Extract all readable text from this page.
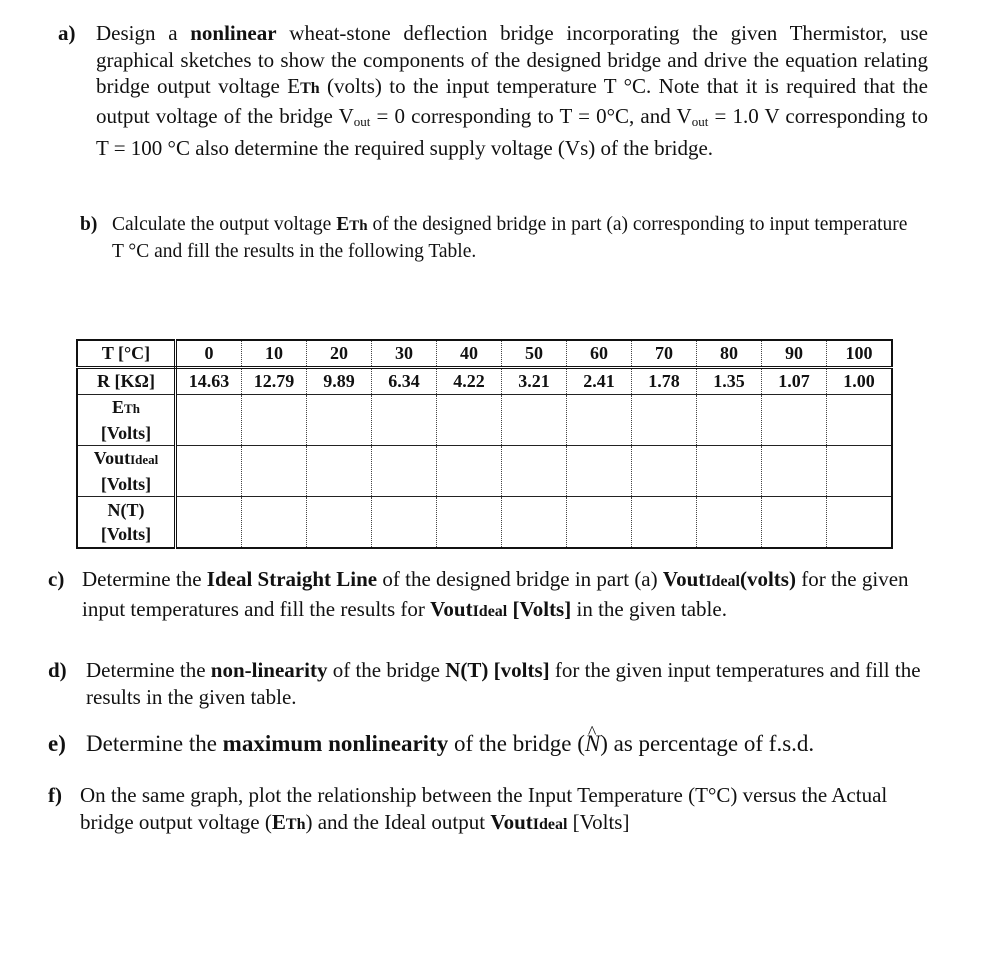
a) Design a nonlinear wheat-stone deflection bridge incorporating the given Thermistor, use graphical sketches to show the components of the designed bridge and drive the equation relating bridge output voltage ETh (volts) to the input temperature T °C. Note that it is required that the output voltage of the bridge $V_{out} = 0$ corresponding to T = 0°C, and $V_{out} = 1.0$ V corresponding to T = 100 °C also determine the required supply voltage (Vs) of the bridge.

b) Calculate the output voltage ETh of the designed bridge in part (a) corresponding to input temperature T °C and fill the results in the following Table.

T [°C]	0	10	20	30	40	50	60	70	80	90	100
R [KΩ]	14.63	12.79	9.89	6.34	4.22	3.21	2.41	1.78	1.35	1.07	1.00

ETh
[Volts]											

VoutIdeal
[Volts]											

N(T)
[Volts]											

c) Determine the Ideal Straight Line of the designed bridge in part (a) VoutIdeal(volts) for the given input temperatures and fill the results for VoutIdeal [Volts] in the given table.

d) Determine the non-linearity of the bridge N(T) [volts] for the given input temperatures and fill the results in the given table.

e) Determine the maximum nonlinearity of the bridge (^ N) as percentage of f.s.d.

f) On the same graph, plot the relationship between the Input Temperature (T°C) versus the Actual bridge output voltage (ETh) and the Ideal output VoutIdeal [Volts]
